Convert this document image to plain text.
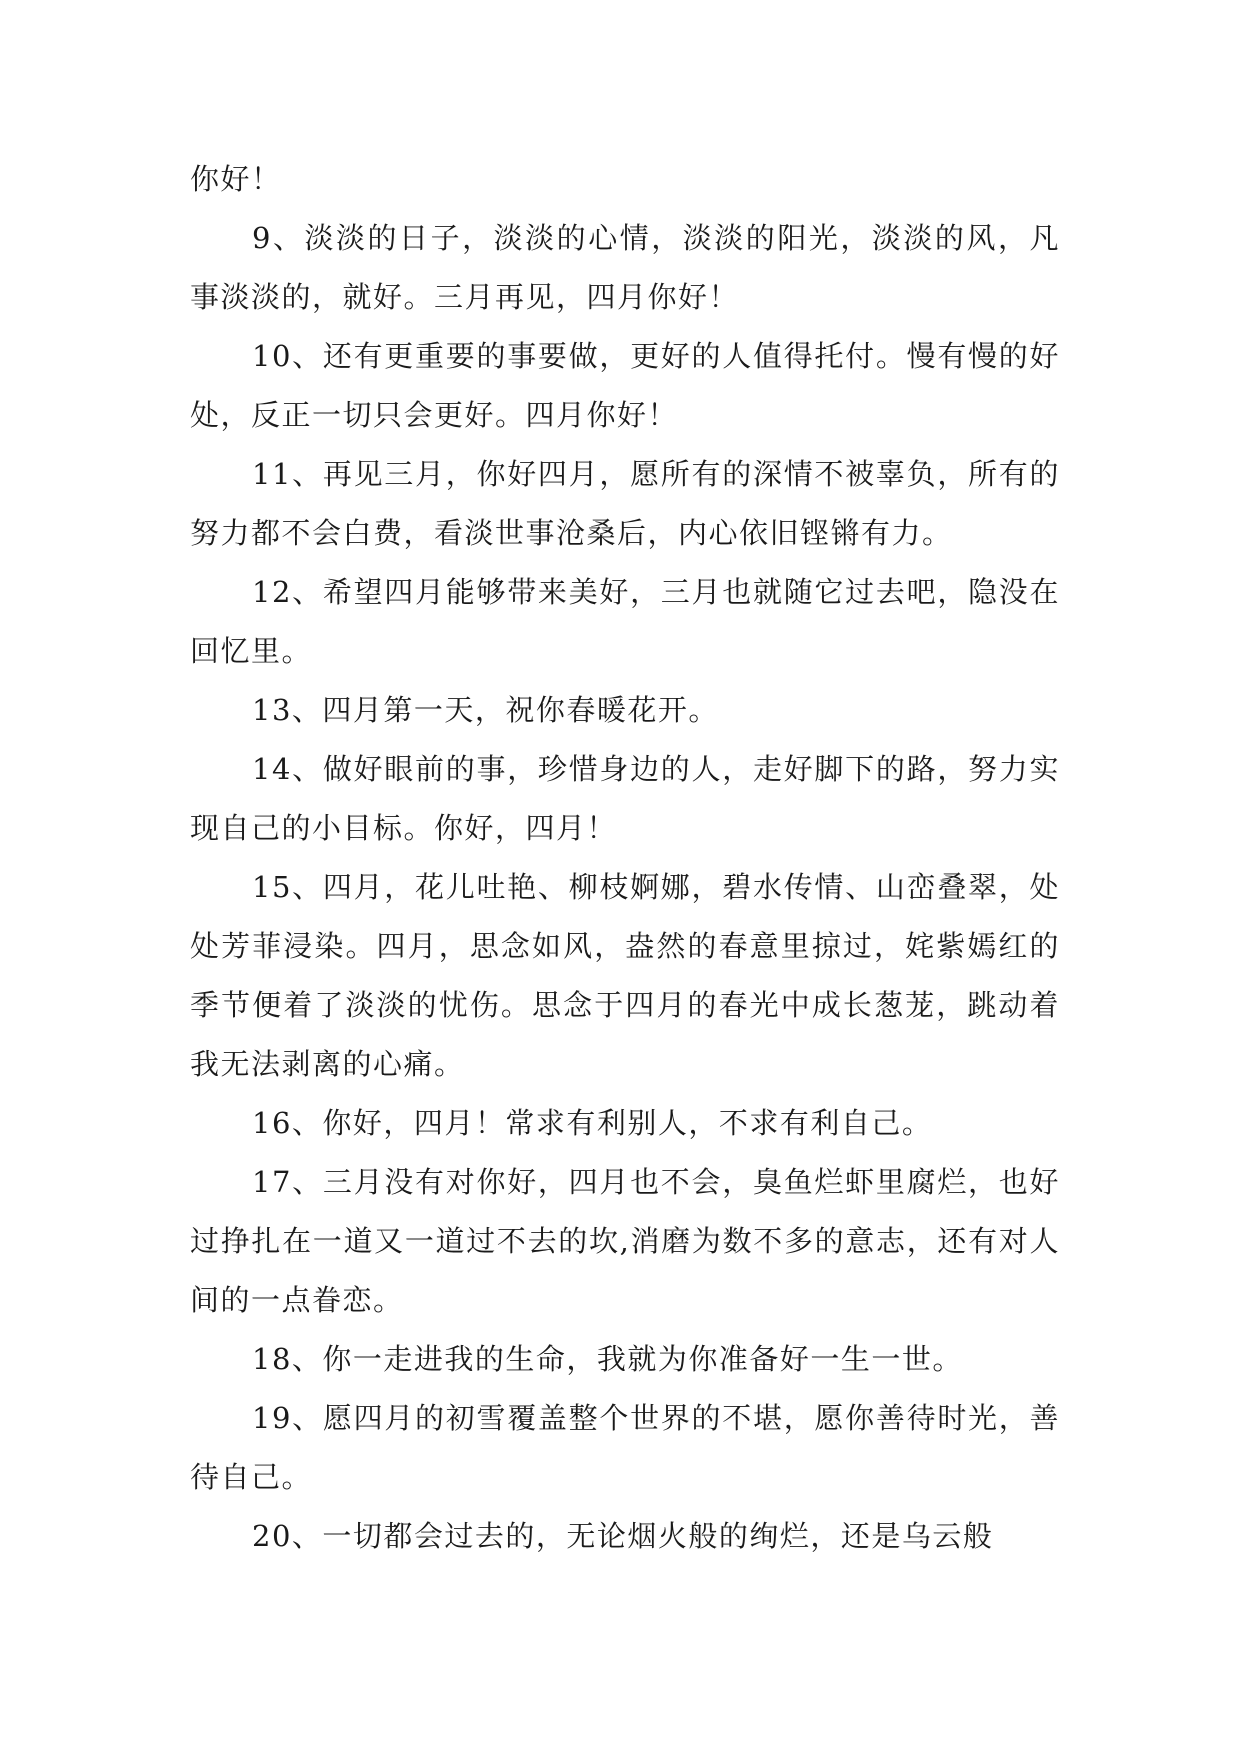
你好！

9、淡淡的日子，淡淡的心情，淡淡的阳光，淡淡的风，凡事淡淡的，就好。三月再见，四月你好！

10、还有更重要的事要做，更好的人值得托付。慢有慢的好处，反正一切只会更好。四月你好！

11、再见三月，你好四月，愿所有的深情不被辜负，所有的努力都不会白费，看淡世事沧桑后，内心依旧铿锵有力。

12、希望四月能够带来美好，三月也就随它过去吧，隐没在回忆里。

13、四月第一天，祝你春暖花开。

14、做好眼前的事，珍惜身边的人，走好脚下的路，努力实现自己的小目标。你好，四月！

15、四月，花儿吐艳、柳枝婀娜，碧水传情、山峦叠翠，处处芳菲浸染。四月，思念如风，盎然的春意里掠过，姹紫嫣红的季节便着了淡淡的忧伤。思念于四月的春光中成长葱茏，跳动着我无法剥离的心痛。

16、你好，四月！常求有利别人，不求有利自己。

17、三月没有对你好，四月也不会，臭鱼烂虾里腐烂，也好过挣扎在一道又一道过不去的坎,消磨为数不多的意志，还有对人间的一点眷恋。

18、你一走进我的生命，我就为你准备好一生一世。

19、愿四月的初雪覆盖整个世界的不堪，愿你善待时光，善待自己。

20、一切都会过去的，无论烟火般的绚烂，还是乌云般
